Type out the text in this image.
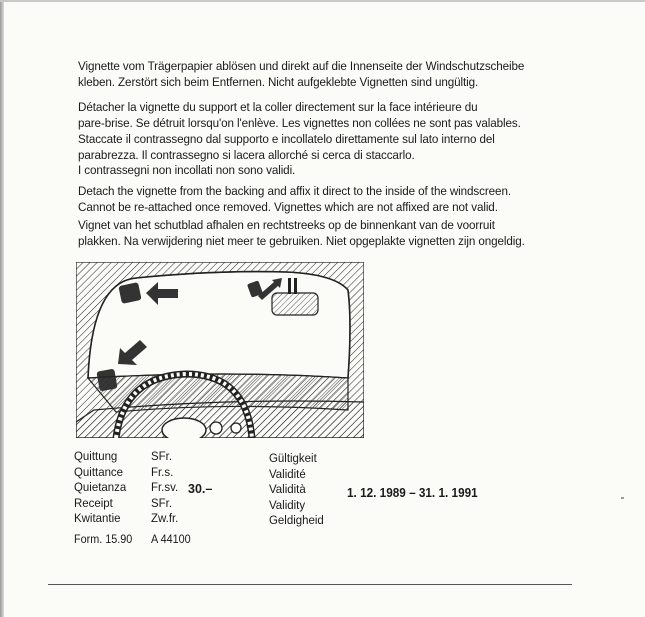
Vignette vom Trägerpapier ablösen und direkt auf die Innenseite der Windschutzscheibe
kleben. Zerstört sich beim Entfernen. Nicht aufgeklebte Vignetten sind ungültig.
Détacher la vignette du support et la coller directement sur la face intérieure du
pare-brise. Se détruit lorsqu'on l'enlève. Les vignettes non collées ne sont pas valables.
Staccate il contrassegno dal supporto e incollatelo direttamente sul lato interno del
parabrezza. Il contrassegno si lacera allorché si cerca di staccarlo.
I contrassegni non incollati non sono validi.
Detach the vignette from the backing and affix it direct to the inside of the windscreen.
Cannot be re-attached once removed. Vignettes which are not affixed are not valid.
Vignet van het schutblad afhalen en rechtstreeks op de binnenkant van de voorruit
plakken. Na verwijdering niet meer te gebruiken. Niet opgeplakte vignetten zijn ongeldig.
Quittung
Quittance
Quietanza
Receipt
Kwitantie
SFr.
Fr.s.
Fr.sv.
SFr.
Zw.fr.
30.–
Gültigkeit
Validité
Validità
Validity
Geldigheid
1. 12. 1989 – 31. 1. 1991
Form. 15.90 A 44100
